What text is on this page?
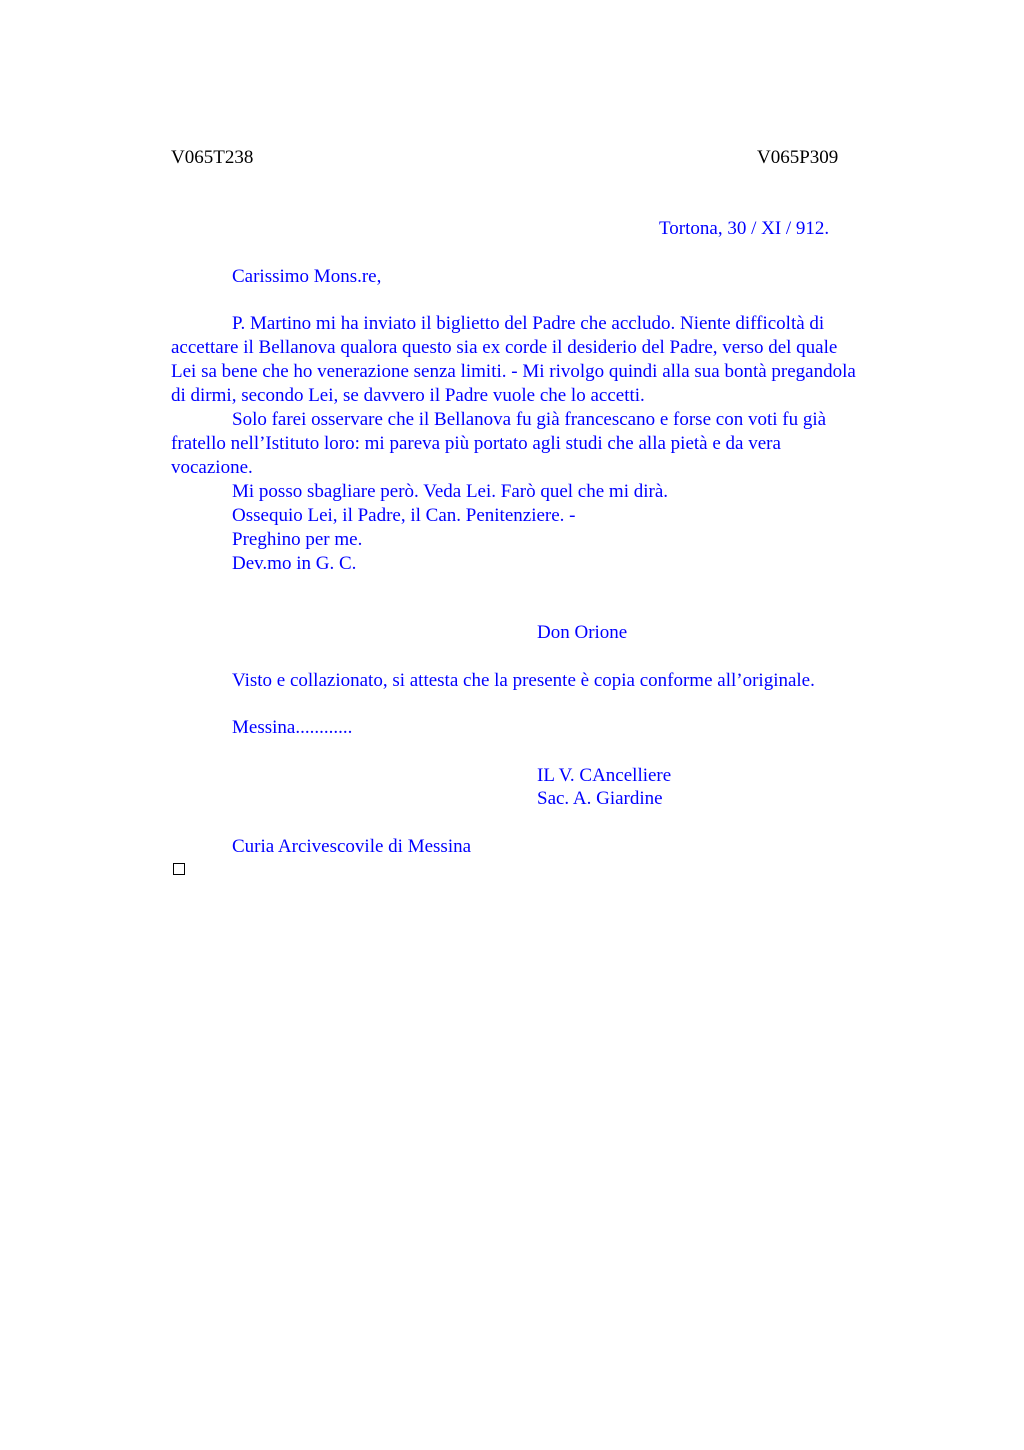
V065T238	V065P309
Tortona, 30 / XI / 912.
Carissimo Mons.re,

P. Martino mi ha inviato il biglietto del Padre che accludo. Niente difficoltà di

accettare il Bellanova qualora questo sia ex corde il desiderio del Padre, verso del quale

Lei sa bene che ho venerazione senza limiti. - Mi rivolgo quindi alla sua bontà pregandola

di dirmi, secondo Lei, se davvero il Padre vuole che lo accetti.

Solo farei osservare che il Bellanova fu già francescano e forse con voti fu già

fratello nell’Istituto loro: mi pareva più portato agli studi che alla pietà e da vera

vocazione.

Mi posso sbagliare però. Veda Lei. Farò quel che mi dirà.

Ossequio Lei, il Padre, il Can. Penitenziere. -

Preghino per me.

Dev.mo in G. C.

Don Orione
Visto e collazionato, si attesta che la presente è copia conforme all’originale.
Messina............
IL V. CAncelliere
Sac. A. Giardine
Curia Arcivescovile di Messina
